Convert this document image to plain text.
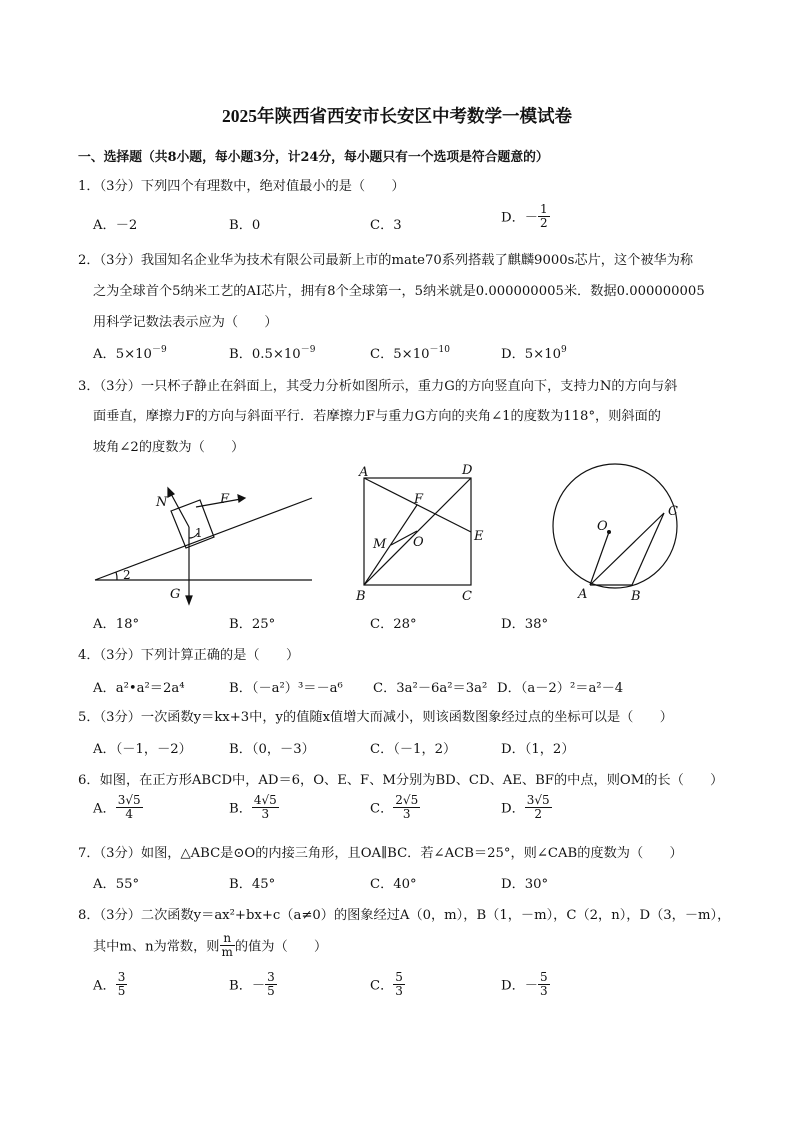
2025年陕西省西安市长安区中考数学一模试卷
一、选择题（共8小题，每小题3分，计24分，每小题只有一个选项是符合题意的）
1．（3分）下列四个有理数中，绝对值最小的是（　　）
A．－2	B．0	C．3	D．－ $\frac{1}{2}$
2．（3分）我国知名企业华为技术有限公司最新上市的mate70系列搭载了麒麟9000s芯片，这个被华为称
之为全球首个5纳米工艺的AI芯片，拥有8个全球第一，5纳米就是0.000000005米．数据0.000000005
用科学记数法表示应为（　　）
A．$5\times 10^{-9}$	B．$0.5\times 10^{-9}$	C．$5\times 10^{-10}$	D．$5\times 10^9$
3．（3分）一只杯子静止在斜面上，其受力分析如图所示，重力G的方向竖直向下，支持力N的方向与斜
面垂直，摩擦力F的方向与斜面平行．若摩擦力F与重力G方向的夹角∠1的度数为118°，则斜面的
坡角∠2的度数为（　　）
N	F
1
2
G
A	D
F
E
M O
B	C
O
C
A	B
A．18°	B．25°	C．28°	D．38°
4．（3分）下列计算正确的是（　　）
A．a²•a²＝2a⁴	B．（－a²）³＝－a⁶ C．3a²－6a²＝3a² D．（a－2）²＝a²－4
5．（3分）一次函数y＝kx+3中，y的值随x值增大而减小，则该函数图象经过点的坐标可以是（　　）
A．（－1，－2）	B．（0，－3）	C．（－1，2）	D．（1，2）
6．如图，在正方形ABCD中，AD＝6，O、E、F、M分别为BD、CD、AE、BF的中点，则OM的长（　　）
A． $\frac{3√5}{4}$	B． $\frac{4√5}{3}$	C． $\frac{2√5}{3}$	D． $\frac{3√5}{2}$
7．（3分）如图，△ABC是⊙O的内接三角形，且OA∥BC．若∠ACB＝25°，则∠CAB的度数为（　　）
A．55°	B．45°	C．40°	D．30°
8．（3分）二次函数y＝ax²+bx+c（a≠0）的图象经过A（0，m），B（1，－m），C（2，n），D（3，－m），
其中m、n为常数，则 $\frac{n}{m}$ 的值为（　　）
A． $\frac{3}{5}$	B．－ $\frac{3}{5}$	C． $\frac{5}{3}$	D．－ $\frac{5}{3}$
